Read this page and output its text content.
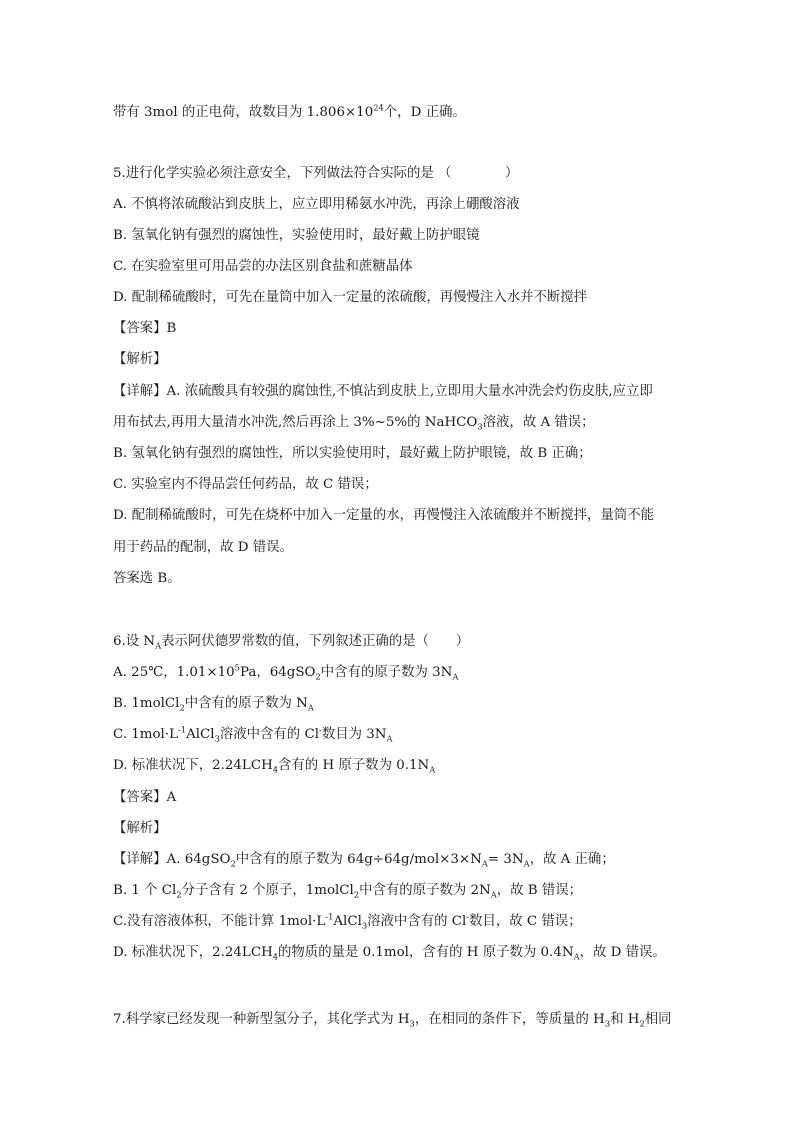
带有 3mol 的正电荷，故数目为 $1.806\times 10^{24}$个，D 正确。
5.进行化学实验必须注意安全，下列做法符合实际的是 （　　　　）
A. 不慎将浓硫酸沾到皮肤上，应立即用稀氨水冲洗，再涂上硼酸溶液
B. 氢氧化钠有强烈的腐蚀性，实验使用时，最好戴上防护眼镜
C. 在实验室里可用品尝的办法区别食盐和蔗糖晶体
D. 配制稀硫酸时，可先在量筒中加入一定量的浓硫酸，再慢慢注入水并不断搅拌
【答案】B
【解析】
【详解】A. 浓硫酸具有较强的腐蚀性,不慎沾到皮肤上,立即用大量水冲洗会灼伤皮肤,应立即
用布拭去,再用大量清水冲洗,然后再涂上 3%~5%的 NaHCO$_3$溶液，故 A 错误；
B. 氢氧化钠有强烈的腐蚀性，所以实验使用时，最好戴上防护眼镜，故 B 正确；
C. 实验室内不得品尝任何药品，故 C 错误；
D. 配制稀硫酸时，可先在烧杯中加入一定量的水，再慢慢注入浓硫酸并不断搅拌，量筒不能
用于药品的配制，故 D 错误。
答案选 B。
6.设 $N_A$表示阿伏德罗常数的值，下列叙述正确的是（　　）
A. 25℃，$1.01\times 10^5Pa$，64gSO$_2$中含有的原子数为 $3N_A$
B. 1molCl$_2$中含有的原子数为 $N_A$
C. $1mol\cdot L^{-1}AlCl_3$溶液中含有的 Cl-数目为 $3N_A$
D. 标准状况下，$2.24LCH_4$含有的 H 原子数为 $0.1N_A$
【答案】A
【解析】
【详解】A. 64gSO$_2$中含有的原子数为 $64g\div 64g/mol\times 3\times N_A= 3N_A$，故 A 正确；
B. 1 个 $Cl_2$分子含有 2 个原子，1molCl$_2$中含有的原子数为 $2N_A$，故 B 错误；
C.没有溶液体积，不能计算 $1mol\cdot L^{-1}AlCl_3$溶液中含有的 Cl-数目，故 C 错误；
D. 标准状况下，$2.24LCH_4$的物质的量是 0.1mol，含有的 H 原子数为 $0.4N_A$，故 D 错误。
7.科学家已经发现一种新型氢分子，其化学式为 $H_3$，在相同的条件下，等质量的 $H_3$和 $H_2$相同
